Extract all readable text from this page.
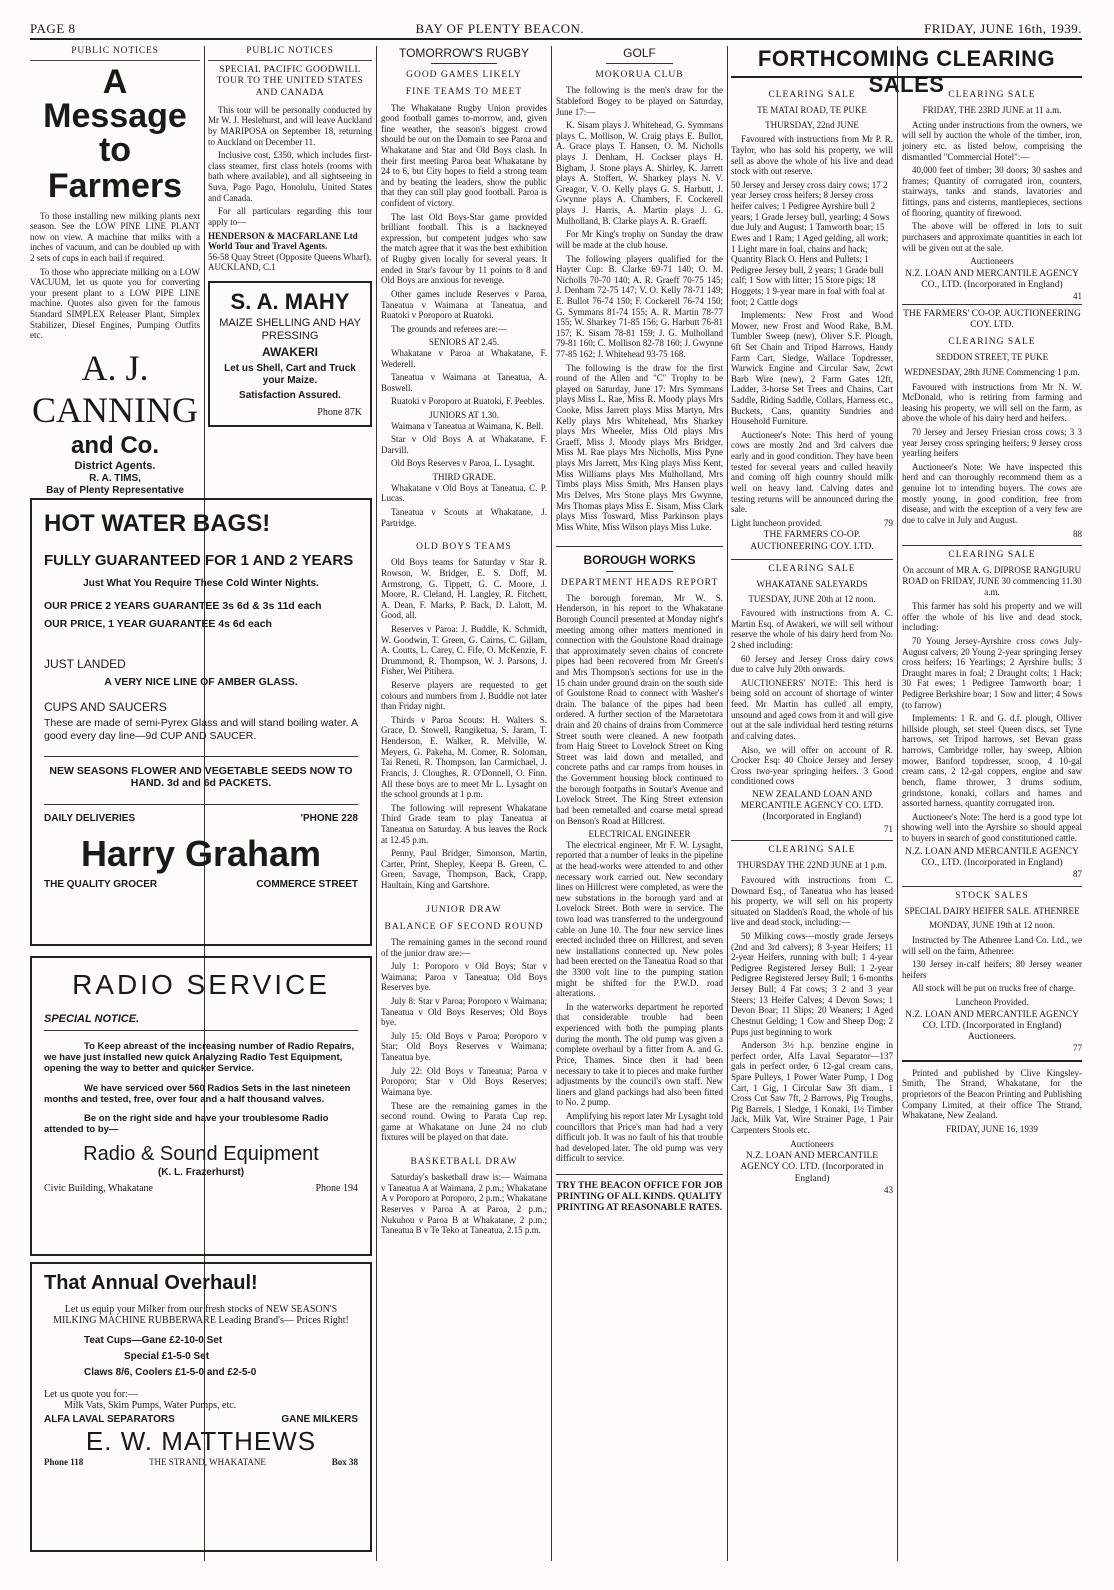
PAGE 8	BAY OF PLENTY BEACON.	FRIDAY, JUNE 16th, 1939.
PUBLIC NOTICES
A Message
to Farmers

To those installing new milking plants next season. See the LOW PINE LINE PLANT now on view. A machine that milks with a inches of vacuum, and can be doubled up with 2 sets of cups in each bail if required.

To those who appreciate milking on a LOW VACUUM, let us quote you for converting your present plant to a LOW PIPE LINE machine. Quotes also given for the famous Standard SIMPLEX Releaser Plant, Simplex Stabilizer, Diesel Engines, Pumping Outfits etc.

A. J. CANNING
and Co.
District Agents.
R. A. TIMS,
Bay of Plenty Representative
PUBLIC NOTICES
SPECIAL PACIFIC GOODWILL TOUR TO THE UNITED STATES AND CANADA

This tour will be personally conducted by Mr W. J. Heslehurst, and will leave Auckland by MARIPOSA on September 18, returning to Auckland on December 11.

Inclusive cost, £350, which includes first-class steamer, first class hotels (rooms with bath where available), and all sightseeing in Suva, Pago Pago, Honolulu, United States and Canada.

For all particulars regarding this tour apply to—

HENDERSON & MACFARLANE Ltd World Tour and Travel Agents.

56-58 Quay Street (Opposite Queens Wharf), AUCKLAND, C.1

S. A. MAHY
MAIZE SHELLING AND HAY PRESSING
AWAKERI
Let us Shell, Cart and Truck your Maize.
Satisfaction Assured.
Phone 87K
HOT WATER BAGS!
FULLY GUARANTEED FOR 1 AND 2 YEARS
Just What You Require These Cold Winter Nights.
OUR PRICE 2 YEARS GUARANTEE 3s 6d & 3s 11d each
OUR PRICE, 1 YEAR GUARANTEE 4s 6d each
JUST LANDED
A VERY NICE LINE OF AMBER GLASS.
CUPS AND SAUCERS
These are made of semi-Pyrex Glass and will stand boiling water. A good every day line—9d CUP AND SAUCER.
NEW SEASONS FLOWER AND VEGETABLE SEEDS NOW TO HAND. 3d and 6d PACKETS.
DAILY DELIVERIES	'PHONE 228
Harry Graham
THE QUALITY GROCER	COMMERCE STREET
RADIO SERVICE
SPECIAL NOTICE.

To Keep abreast of the increasing number of Radio Repairs, we have just installed new quick Analyzing Radio Test Equipment, opening the way to better and quicker Service.

We have serviced over 560 Radios Sets in the last nineteen months and tested, free, over four and a half thousand valves.

Be on the right side and have your troublesome Radio attended to by—

Radio & Sound Equipment
(K. L. Frazerhurst)
Civic Building, Whakatane	Phone 194
That Annual Overhaul!

Let us equip your Milker from our fresh stocks of NEW SEASON'S MILKING MACHINE RUBBERWARE Leading Brand's— Prices Right!

Teat Cups—Gane £2-10-0 Set
Special £1-5-0 Set
Claws 8/6, Coolers £1-5-0 and £2-5-0
Let us quote you for:—
Milk Vats, Skim Pumps, Water Pumps, etc.
ALFA LAVAL SEPARATORS	GANE MILKERS
E. W. MATTHEWS
Phone 118	THE STRAND, WHAKATANE	Box 38
TOMORROW'S RUGBY
GOOD GAMES LIKELY
FINE TEAMS TO MEET

The Whakatane Rugby Union provides good football games to-morrow, and, given fine weather, the season's biggest crowd should be out on the Domain to see Paroa and Whakatane and Star and Old Boys clash. In their first meeting Paroa beat Whakatane by 24 to 6, but City hopes to field a strong team and by beating the leaders, show the public that they can still play good football. Paroa is confident of victory.

The last Old Boys-Star game provided brilliant football. This is a hackneyed expression, but competent judges who saw the match agree that it was the best exhibition of Rugby given locally for several years. It ended in Star's favour by 11 points to 8 and Old Boys are anxious for revenge.

Other games include Reserves v Paroa, Taneatua v Waimana at Taneatua, and Ruatoki v Poroporo at Ruatoki.

The grounds and referees are:—

SENIORS AT 2.45.

Whakatane v Paroa at Whakatane, F. Wederell.

Taneatua v Waimana at Taneatua, A. Boswell.

Ruatoki v Poroporo at Ruatoki, F. Peebles.

JUNIORS AT 1.30.

Waimana v Taneatua at Waimana, K. Bell.

Star v Old Boys A at Whakatane, F. Darvill.

Old Boys Reserves v Paroa, L. Lysaght.

THIRD GRADE.

Whakatane v Old Boys at Taneatua, C. P. Lucas.

Taneatua v Scouts at Whakatane, J. Partridge.

OLD BOYS TEAMS

Old Boys teams for Saturday v Star R. Rowson, W. Bridger, E. S. Doff, M. Armstrong, G. Tippett, G. C. Moore, J. Moore, R. Cleland, H. Langley, R. Fitchett, A. Dean, F. Marks, P. Back, D. Lalott, M. Good, all.

Reserves v Paroa: J. Buddle, K. Schmidt, W. Goodwin, T. Green, G. Cairns, C. Gillam, A. Coutts, L. Carey, C. Fife, O. McKenzie, F. Drummond, R. Thompson, W. J. Parsons, J. Fisher, Wei Pitihera.

Reserve players are requested to get colours and numbers from J. Buddle not later than Friday night.

Thirds v Paroa Scouts: H. Walters S. Grace, D. Stowell, Rangiketua, S. Jaram, T. Henderson, E. Walker, R. Melville, W. Meyers, G. Pakeha, M. Comer, R. Soloman, Tai Reneti, R. Thompson, Ian Carmichael, J. Francis, J. Cloughes, R. O'Donnell, O. Finn. All these boys are to meet Mr L. Lysaght on the school grounds at 1 p.m.

The following will represent Whakatane Third Grade team to play Taneatua at Taneatua on Saturday. A bus leaves the Rock at 12.45 p.m.

Penny, Paul Bridger, Simonson, Martin, Carter, Print, Shepley, Keepa B. Green, C. Green, Savage, Thompson, Back, Crapp, Haultain, King and Gartshore.

JUNIOR DRAW
BALANCE OF SECOND ROUND

The remaining games in the second round of the junior draw are:—

July 1: Poroporo v Old Boys; Star v Waimana; Paroa v Taneatua; Old Boys Reserves bye.

July 8: Star v Paroa; Poroporo v Waimana; Taneatua v Old Boys Reserves; Old Boys bye.

July 15: Old Boys v Paroa; Poroporo v Star; Old Boys Reserves v Waimana; Taneatua bye.

July 22: Old Boys v Taneatua; Paroa v Poroporo; Star v Old Boys Reserves; Waimana bye.

These are the remaining games in the second round. Owing to Parata Cup rep. game at Whakatane on June 24 no club fixtures will be played on that date.

BASKETBALL DRAW

Saturday's basketball draw is:— Waimana v Taneatua A at Waimana, 2 p.m.; Whakatane A v Poroporo at Poroporo, 2 p.m.; Whakatane Reserves v Paroa A at Paroa, 2 p.m.; Nukuhou v Paroa B at Whakatane, 2 p.m.; Taneatua B v Te Teko at Taneatua, 2.15 p.m.

GOLF
MOKORUA CLUB

The following is the men's draw for the Stableford Bogey to be played on Saturday, June 17:—

K. Sisam plays J. Whitehead, G. Symmans plays C. Mollison, W. Craig plays E. Bullot, A. Grace plays T. Hansen, O. M. Nicholls plays J. Denham, H. Cockser plays H. Bigham, J. Stone plays A. Shirley, K. Jarrett plays A. Stoffert, W. Sharkey plays N. V. Greagor, V. O. Kelly plays G. S. Harbutt, J. Gwynne plays A. Chambers, F. Cockerell plays J. Harris, A. Martin plays J. G. Mulholland, B. Clarke plays A. R. Graeff.

For Mr King's trophy on Sunday the draw will be made at the club house.

The following players qualified for the Hayter Cup: B. Clarke 69-71 140; O. M. Nicholls 70-70 140; A. R. Graeff 70-75 145; J. Denham 72-75 147; V. O. Kelly 78-71 149; E. Bullot 76-74 150; F. Cockerell 76-74 150; G. Symmans 81-74 155; A. R. Martin 78-77 155; W. Sharkey 71-85 156; G. Harbutt 76-81 157; K. Sisam 78-81 159; J. G. Mulholland 79-81 160; C. Mollison 82-78 160; J. Gwynne 77-85 162; J. Whitehead 93-75 168.

The following is the draw for the first round of the Allen and "C" Trophy to be played on Saturday, June 17: Mrs Symmans plays Miss L. Rae, Miss R. Moody plays Mrs Cooke, Miss Jarrett plays Miss Martyn, Mrs Kelly plays Mrs Whitehead, Mrs Sharkey plays Mrs Wheeler, Miss Old plays Mrs Graeff, Miss J. Moody plays Mrs Bridger, Miss M. Rae plays Mrs Nicholls, Miss Pyne plays Mrs Jarrett, Mrs King plays Miss Kent, Miss Williams plays Mrs Mulholland, Mrs Timbs plays Miss Smith, Mrs Hansen plays Mrs Delves, Mrs Stone plays Mrs Gwynne, Mrs Thomas plays Miss E. Sisam, Miss Clark plays Miss Tosward, Miss Parkinson plays Miss White, Miss Wilson plays Miss Luke.

BOROUGH WORKS
DEPARTMENT HEADS REPORT

The borough foreman, Mr W. S. Henderson, in his report to the Whakatane Borough Council presented at Monday night's meeting among other matters mentioned in connection with the Goulstone Road drainage that approximately seven chains of concrete pipes had been recovered from Mr Green's and Mrs Thompson's sections for use in the 15 chain under ground drain on the south side of Goulstone Road to connect with Washer's drain. The balance of the pipes had been ordered. A further section of the Maraetotara drain and 20 chains of drains from Commerce Street south were cleaned. A new footpath from Haig Street to Lovelock Street on King Street was laid down and metalled, and concrete paths and car ramps from houses in the Government housing block continued to the borough footpaths in Soutar's Avenue and Lovelock Street. The King Street extension had been remetalled and coarse metal spread on Benson's Road at Hillcrest.

ELECTRICAL ENGINEER

The electrical engineer, Mr F. W. Lysaght, reported that a number of leaks in the pipeline at the head-works were attended to and other necessary work carried out. New secondary lines on Hillcrest were completed, as were the new substations in the borough yard and at Lovelock Street. Both were in service. The town load was transferred to the underground cable on June 10. The four new service lines erected included three on Hillcrest, and seven new installations connected up. New poles had been erected on the Taneatua Road so that the 3300 volt line to the pumping station might be shifted for the P.W.D. road alterations.

In the waterworks department he reported that considerable trouble had been experienced with both the pumping plants during the month. The old pump was given a complete overhaul by a fitter from A. and G. Price, Thames. Since then it had been necessary to take it to pieces and make further adjustments by the council's own staff. New liners and gland packings had also been fitted to No. 2 pump.

Amplifying his report later Mr Lysaght told councillors that Price's man had had a very difficult job. It was no fault of his that trouble had developed later. The old pump was very difficult to service.

TRY THE BEACON OFFICE FOR JOB PRINTING OF ALL KINDS. QUALITY PRINTING AT REASONABLE RATES.
FORTHCOMING CLEARING SALES
CLEARING SALE
TE MATAI ROAD, TE PUKE
THURSDAY, 22nd JUNE

Favoured with instructions from Mr P. R. Taylor, who has sold his property, we will sell as above the whole of his live and dead stock with out reserve.

50 Jersey and Jersey cross dairy cows; 17 2 year Jersey cross heifers; 8 Jersey cross heifer calves; 1 Pedigree Ayrshire bull 2 years; 1 Grade Jersey bull, yearling; 4 Sows due July and August; 1 Tamworth boar; 15 Ewes and 1 Ram; 1 Aged gelding, all work; 1 Light mare in foal, chains and hack; Quantity Black O. Hens and Pullets; 1 Pedigree Jersey bull, 2 years; 1 Grade bull calf; 1 Sow with litter; 15 Store pigs; 18 Hoggets; 1 9-year mare in foal with foal at foot; 2 Cattle dogs

Implements: New Frost and Wood Mower, new Frost and Wood Rake, B.M. Tumbler Sweep (new), Oliver S.F. Plough, 6ft Set Chain and Tripod Harrows, Handy Farm Cart, Sledge, Wallace Topdresser, Warwick Engine and Circular Saw, 2cwt Barb Wire (new), 2 Farm Gates 12ft, Ladder, 3-horse Set Trees and Chains, Cart Saddle, Riding Saddle, Collars, Harness etc., Buckets, Cans, quantity Sundries and Household Furniture.

Auctioneer's Note: This herd of young cows are mostly 2nd and 3rd calvers due early and in good condition. They have been tested for several years and culled heavily and coming off high country should milk well on heavy land. Calving dates and testing returns will be announced during the sale.

Light luncheon provided.	79
THE FARMERS CO-OP. AUCTIONEERING COY. LTD.
CLEARING SALE
WHAKATANE SALEYARDS
TUESDAY, JUNE 20th at 12 noon.

Favoured with instructions from A. C. Martin Esq. of Awakeri, we will sell without reserve the whole of his dairy herd from No. 2 shed including:

60 Jersey and Jersey Cross dairy cows due to calve July 20th onwards.

AUCTIONEERS' NOTE: This herd is being sold on account of shortage of winter feed. Mr Martin has culled all empty, unsound and aged cows from it and will give out at the sale individual herd testing returns and calving dates.

Also, we will offer on account of R. Crocker Esq: 40 Choice Jersey and Jersey Cross two-year springing heifers. 3 Good conditioned cows

NEW ZEALAND LOAN AND MERCANTILE AGENCY CO. LTD. (Incorporated in England)
71
CLEARING SALE
THURSDAY THE 22ND JUNE at 1 p.m.

Favoured with instructions from C. Downard Esq., of Taneatua who has leased his property, we will sell on his property situated on Sladden's Road, the whole of his live and dead stock, including:—

50 Milking cows—mostly grade Jerseys (2nd and 3rd calvers); 8 3-year Heifers; 11 2-year Heifers, running with bull; 1 4-year Pedigree Registered Jersey Bull; 1 2-year Pedigree Registered Jersey Bull; 1 6-months Jersey Bull; 4 Fat cows; 3 2 and 3 year Steers; 13 Heifer Calves; 4 Devon Sows; 1 Devon Boar; 11 Slips; 20 Weaners; 1 Aged Chestnut Gelding; 1 Cow and Sheep Dog; 2 Pups just beginning to work

Anderson 3½ h.p. benzine engine in perfect order, Alfa Laval Separator—137 gals in perfect order, 6 12-gal cream cans, Spare Pulleys, 1 Power Water Pump, 1 Dog Cart, 1 Gig, 1 Circular Saw 3ft diam., 1 Cross Cut Saw 7ft, 2 Barrows, Pig Troughs, Pig Barrels, 1 Sledge, 1 Konaki, 1½ Timber Jack, Milk Vat, Wire Strainer Page, 1 Pair Carpenters Stools etc.

Auctioneers
N.Z. LOAN AND MERCANTILE AGENCY CO. LTD. (Incorporated in England)
43
CLEARING SALE
FRIDAY, THE 23RD JUNE at 11 a.m.

Acting under instructions from the owners, we will sell by auction the whole of the timber, iron, joinery etc. as listed below, comprising the dismantled "Commercial Hotel":—

40,000 feet of timber; 30 doors; 30 sashes and frames; Quantity of corrugated iron, counters, stairways, tanks and stands, lavatories and fittings, pans and cisterns, mantlepieces, sections of flooring, quantity of firewood.

The above will be offered in lots to suit purchasers and approximate quantities in each lot will be given out at the sale.

Auctioneers
N.Z. LOAN AND MERCANTILE AGENCY CO., LTD. (Incorporated in England)
41
THE FARMERS' CO-OP. AUCTIONEERING COY. LTD.
CLEARING SALE
SEDDON STREET, TE PUKE
WEDNESDAY, 28th JUNE Commencing 1 p.m.

Favoured with instructions from Mr N. W. McDonald, who is retiring from farming and leasing his property, we will sell on the farm, as above the whole of his dairy herd and heifers.

70 Jersey and Jersey Friesian cross cows; 3 3 year Jersey cross springing heifers; 9 Jersey cross yearling heifers

Auctioneer's Note: We have inspected this herd and can thoroughly recommend them as a genuine lot to intending buyers. The cows are mostly young, in good condition, free from disease, and with the exception of a very few are due to calve in July and August.

88
CLEARING SALE
On account of MR A. G. DIPROSE RANGIURU ROAD on FRIDAY, JUNE 30 commencing 11.30 a.m.

This farmer has sold his property and we will offer the whole of his live and dead stock, including:

70 Young Jersey-Ayrshire cross cows July-August calvers; 20 Young 2-year springing Jersey cross heifers; 16 Yearlings; 2 Ayrshire bulls; 3 Draught mares in foal; 2 Draught colts; 1 Hack; 30 Fat ewes; 1 Pedigree Tamworth boar; 1 Pedigree Berkshire boar; 1 Sow and litter; 4 Sows (to farrow)

Implements: 1 R. and G. d.f. plough, Olliver hillside plough, set steel Queen discs, set Tyne harrows, set Tripod harrows, set Bevan grass harrows, Cambridge roller, hay sweep, Albion mower, Banford topdresser, scoop, 4 10-gal cream cans, 2 12-gal coppers, engine and saw bench, flame thrower, 3 drums sodium, grindstone, konaki, collars and hames and assorted harness, quantity corrugated iron.

Auctioneer's Note: The herd is a good type lot showing well into the Ayrshire so should appeal to buyers in search of good constitutioned cattle.

N.Z. LOAN AND MERCANTILE AGENCY CO., LTD. (Incorporated in England)
87
STOCK SALES
SPECIAL DAIRY HEIFER SALE. ATHENREE
MONDAY, JUNE 19th at 12 noon.

Instructed by The Athenree Land Co. Ltd., we will sell on the farm, Athenree:

130 Jersey in-calf heifers; 80 Jersey weaner heifers

All stock will be put on trucks free of charge.

Luncheon Provided.
N.Z. LOAN AND MERCANTILE AGENCY CO. LTD. (Incorporated in England) Auctioneers.
77

Printed and published by Clive Kingsley-Smith, The Strand, Whakatane, for the proprietors of the Beacon Printing and Publishing Company Limited, at their office The Strand, Whakatane, New Zealand.

FRIDAY, JUNE 16, 1939
